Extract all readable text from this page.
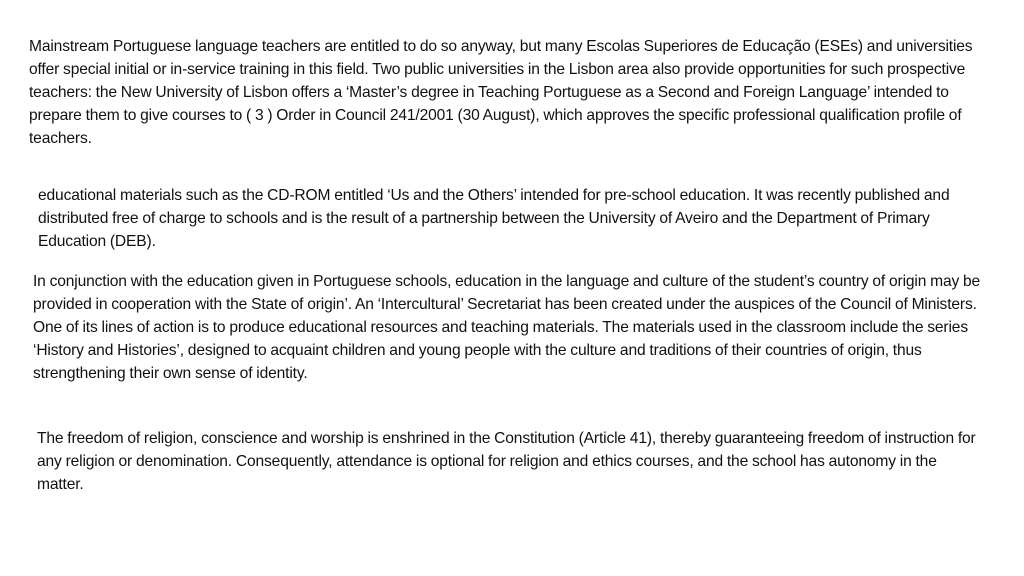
Mainstream Portuguese language teachers are entitled to do so anyway, but many Escolas Superiores de Educação (ESEs) and universities offer special initial or in-service training in this field. Two public universities in the Lisbon area also provide opportunities for such prospective teachers: the New University of Lisbon offers a ‘Master’s degree in Teaching Portuguese as a Second and Foreign Language’ intended to prepare them to give courses to ( 3 ) Order in Council 241/2001 (30 August), which approves the specific professional qualification profile of teachers.

educational materials such as the CD-ROM entitled ‘Us and the Others’ intended for pre-school education. It was recently published and distributed free of charge to schools and is the result of a partnership between the University of Aveiro and the Department of Primary Education (DEB).

In conjunction with the education given in Portuguese schools, education in the language and culture of the student’s country of origin may be provided in cooperation with the State of origin’. An ‘Intercultural’ Secretariat has been created under the auspices of the Council of Ministers. One of its lines of action is to produce educational resources and teaching materials. The materials used in the classroom include the series ‘History and Histories’, designed to acquaint children and young people with the culture and traditions of their countries of origin, thus strengthening their own sense of identity.

The freedom of religion, conscience and worship is enshrined in the Constitution (Article 41), thereby guaranteeing freedom of instruction for any religion or denomination. Consequently, attendance is optional for religion and ethics courses, and the school has autonomy in the matter.
